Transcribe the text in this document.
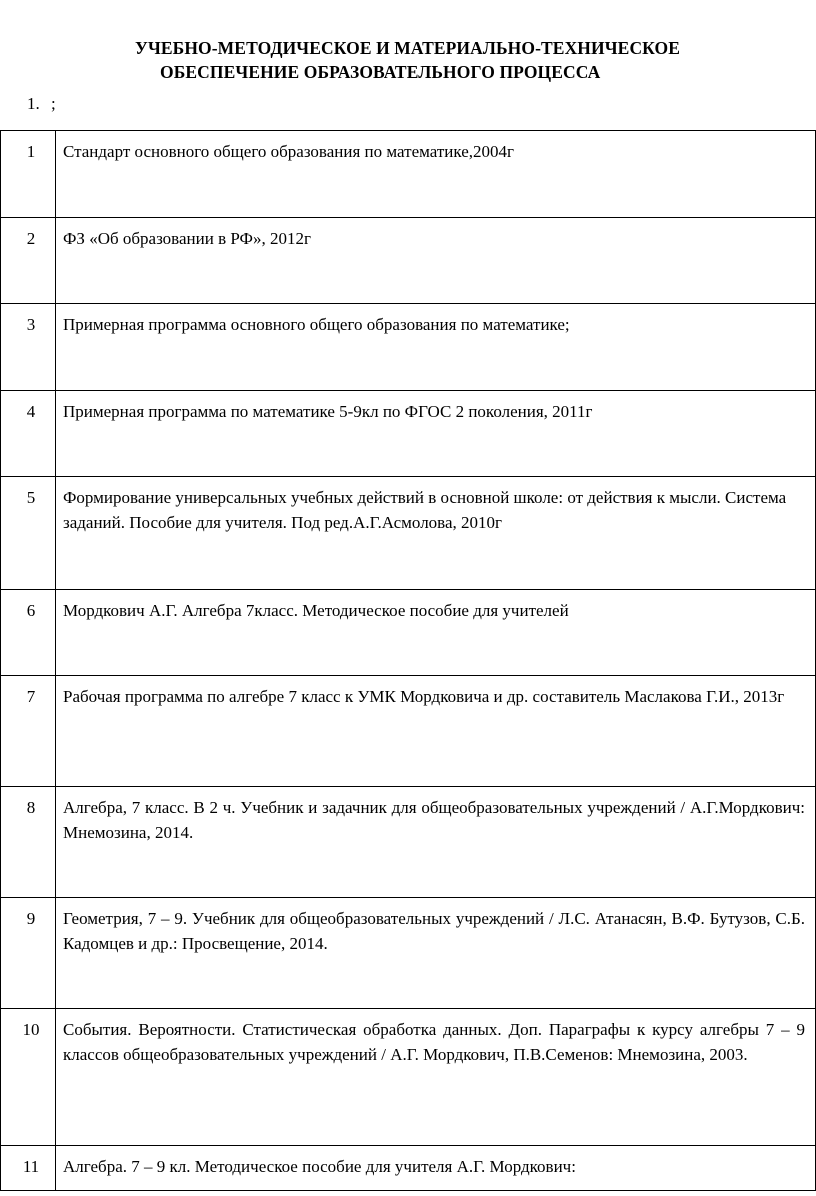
УЧЕБНО-МЕТОДИЧЕСКОЕ И МАТЕРИАЛЬНО-ТЕХНИЧЕСКОЕ
ОБЕСПЕЧЕНИЕ ОБРАЗОВАТЕЛЬНОГО ПРОЦЕССА
1. ;
1	Стандарт основного общего образования по математике,2004г
2	ФЗ «Об образовании в РФ», 2012г
3	Примерная программа основного общего образования по математике;
4	Примерная программа по математике 5-9кл по ФГОС 2 поколения, 2011г
5	Формирование универсальных учебных действий в основной школе: от действия к мысли. Система заданий. Пособие для учителя. Под ред.А.Г.Асмолова, 2010г
6	Мордкович А.Г. Алгебра 7класс. Методическое пособие для учителей
7	Рабочая программа по алгебре 7 класс к УМК Мордковича и др. составитель Маслакова Г.И., 2013г
8	Алгебра, 7 класс. В 2 ч. Учебник и задачник для общеобразовательных учреждений / А.Г.Мордкович: Мнемозина, 2014.
9	Геометрия, 7 – 9. Учебник для общеобразовательных учреждений / Л.С. Атанасян, В.Ф. Бутузов, С.Б. Кадомцев и др.: Просвещение, 2014.
10	События. Вероятности. Статистическая обработка данных. Доп. Параграфы к курсу алгебры 7 – 9 классов общеобразовательных учреждений / А.Г. Мордкович, П.В.Семенов: Мнемозина, 2003.
11	Алгебра. 7 – 9 кл. Методическое пособие для учителя А.Г. Мордкович:
